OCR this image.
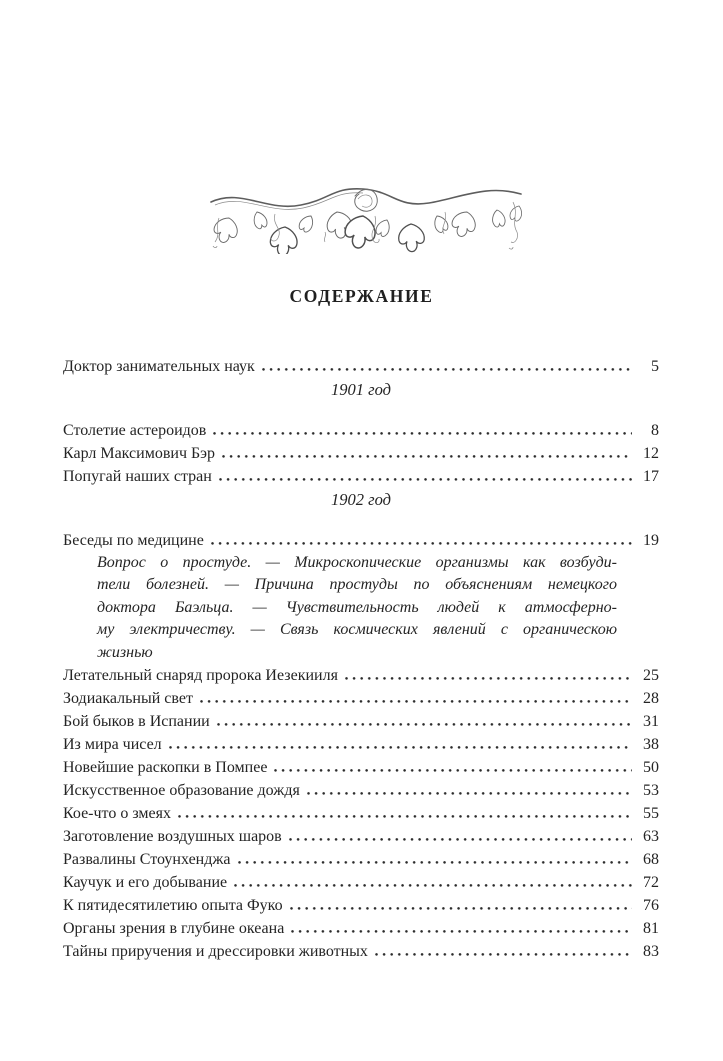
СОДЕРЖАНИЕ
Доктор занимательных наук	5
1901 год
Столетие астероидов	8
Карл Максимович Бэр	12
Попугай наших стран	17
1902 год
Беседы по медицине	19
Вопрос о простуде. — Микроскопические организмы как возбуди-
тели болезней. — Причина простуды по объяснениям немецкого
доктора Баэльца. — Чувствительность людей к атмосферно-
му электричеству. — Связь космических явлений с органическою
жизнью
Летательный снаряд пророка Иезекииля	25
Зодиакальный свет	28
Бой быков в Испании	31
Из мира чисел	38
Новейшие раскопки в Помпее	50
Искусственное образование дождя	53
Кое-что о змеях	55
Заготовление воздушных шаров	63
Развалины Стоунхенджа	68
Каучук и его добывание	72
К пятидесятилетию опыта Фуко	76
Органы зрения в глубине океана	81
Тайны приручения и дрессировки животных	83
